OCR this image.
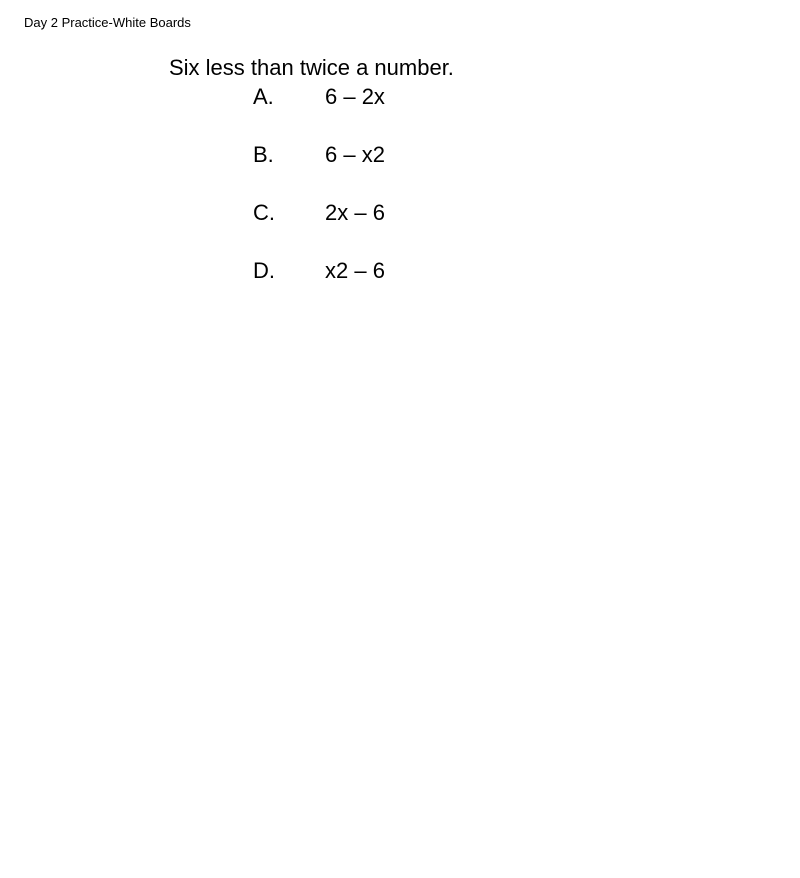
Day 2 Practice-White Boards
Six less than twice a number.
A. 6 – 2x
B. 6 – x2
C. 2x – 6
D. x2 – 6
